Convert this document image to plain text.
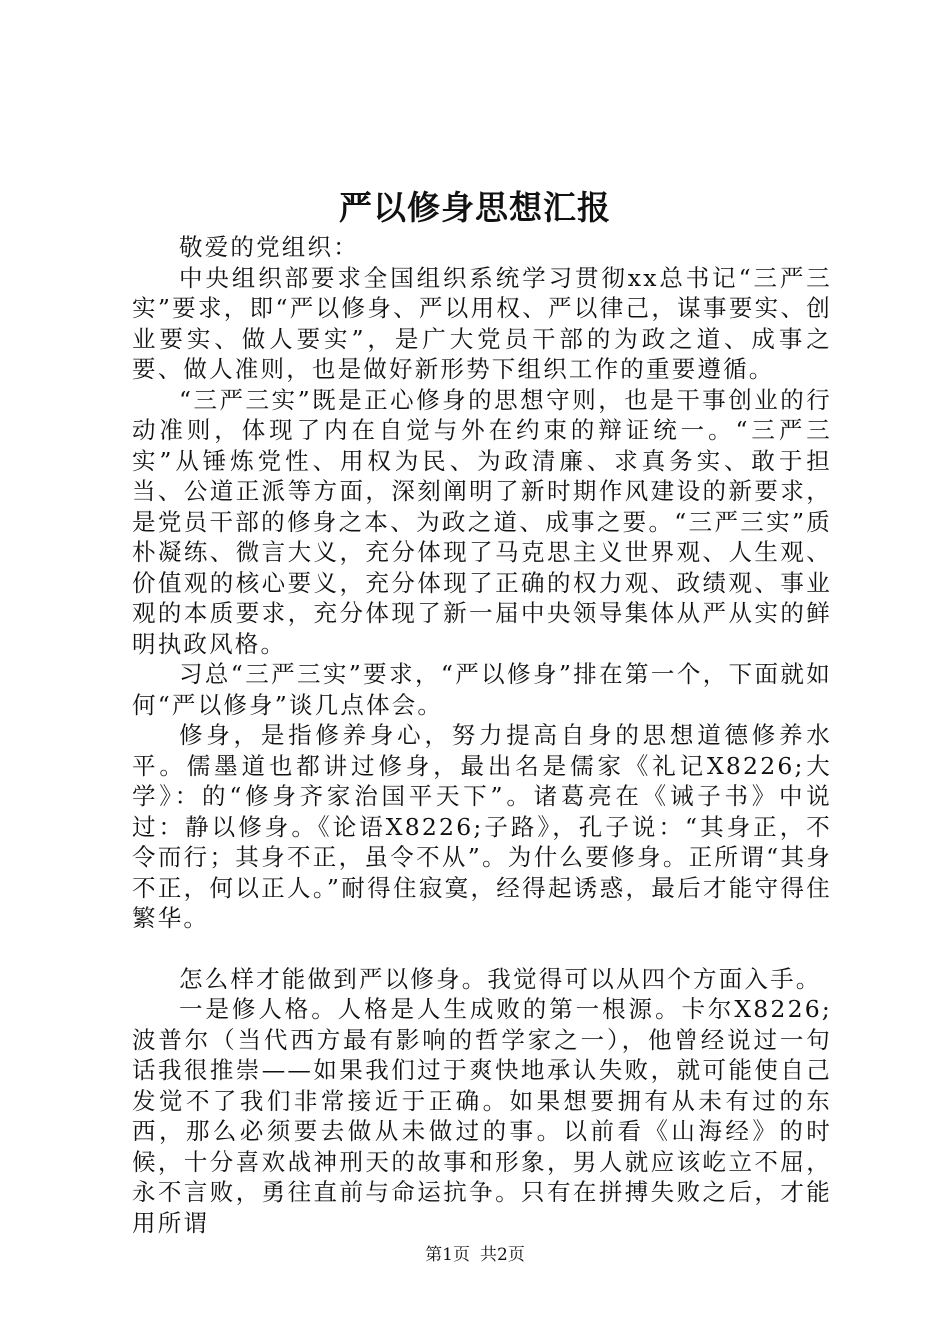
严以修身思想汇报

敬爱的党组织：

中央组织部要求全国组织系统学习贯彻xx总书记“三严三实”要求，即“严以修身、严以用权、严以律己，谋事要实、创业要实、做人要实”，是广大党员干部的为政之道、成事之要、做人准则，也是做好新形势下组织工作的重要遵循。

“三严三实”既是正心修身的思想守则，也是干事创业的行动准则，体现了内在自觉与外在约束的辩证统一。“三严三实”从锤炼党性、用权为民、为政清廉、求真务实、敢于担当、公道正派等方面，深刻阐明了新时期作风建设的新要求，是党员干部的修身之本、为政之道、成事之要。“三严三实”质朴凝练、微言大义，充分体现了马克思主义世界观、人生观、价值观的核心要义，充分体现了正确的权力观、政绩观、事业观的本质要求，充分体现了新一届中央领导集体从严从实的鲜明执政风格。

习总“三严三实”要求，“严以修身”排在第一个，下面就如何“严以修身”谈几点体会。

修身，是指修养身心，努力提高自身的思想道德修养水平。儒墨道也都讲过修身，最出名是儒家《礼记X8226;大学》：的“修身齐家治国平天下”。诸葛亮在《诫子书》中说过：静以修身。《论语X8226;子路》，孔子说：“其身正，不令而行；其身不正，虽令不从”。为什么要修身。正所谓“其身不正，何以正人。”耐得住寂寞，经得起诱惑，最后才能守得住繁华。

怎么样才能做到严以修身。我觉得可以从四个方面入手。

一是修人格。人格是人生成败的第一根源。卡尔X8226;波普尔（当代西方最有影响的哲学家之一），他曾经说过一句话我很推崇——如果我们过于爽快地承认失败，就可能使自己发觉不了我们非常接近于正确。如果想要拥有从未有过的东西，那么必须要去做从未做过的事。以前看《山海经》的时候，十分喜欢战神刑天的故事和形象，男人就应该屹立不屈，永不言败，勇往直前与命运抗争。只有在拼搏失败之后，才能用所谓

第1页 共2页
